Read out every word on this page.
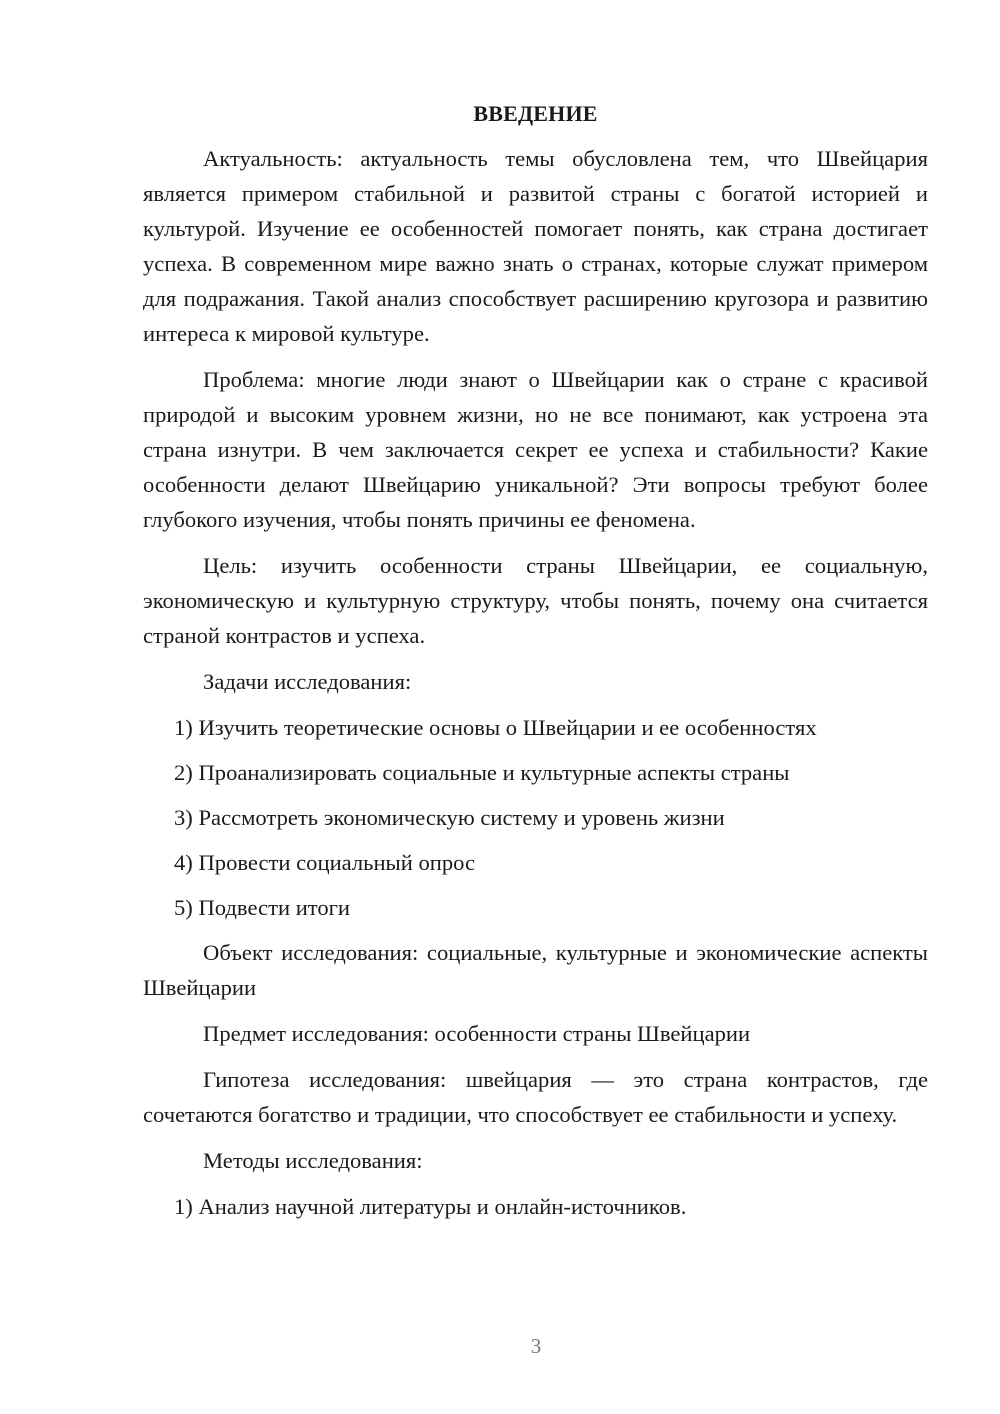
ВВЕДЕНИЕ

Актуальность: актуальность темы обусловлена тем, что Швейцария является примером стабильной и развитой страны с богатой историей и культурой. Изучение ее особенностей помогает понять, как страна достигает успеха. В современном мире важно знать о странах, которые служат примером для подражания. Такой анализ способствует расширению кругозора и развитию интереса к мировой культуре.

Проблема: многие люди знают о Швейцарии как о стране с красивой природой и высоким уровнем жизни, но не все понимают, как устроена эта страна изнутри. В чем заключается секрет ее успеха и стабильности? Какие особенности делают Швейцарию уникальной? Эти вопросы требуют более глубокого изучения, чтобы понять причины ее феномена.

Цель: изучить особенности страны Швейцарии, ее социальную, экономическую и культурную структуру, чтобы понять, почему она считается страной контрастов и успеха.

Задачи исследования:

1) Изучить теоретические основы о Швейцарии и ее особенностях

2) Проанализировать социальные и культурные аспекты страны

3) Рассмотреть экономическую систему и уровень жизни

4) Провести социальный опрос

5) Подвести итоги

Объект исследования: социальные, культурные и экономические аспекты Швейцарии

Предмет исследования: особенности страны Швейцарии

Гипотеза исследования: швейцария — это страна контрастов, где сочетаются богатство и традиции, что способствует ее стабильности и успеху.

Методы исследования:

1) Анализ научной литературы и онлайн-источников.

3
